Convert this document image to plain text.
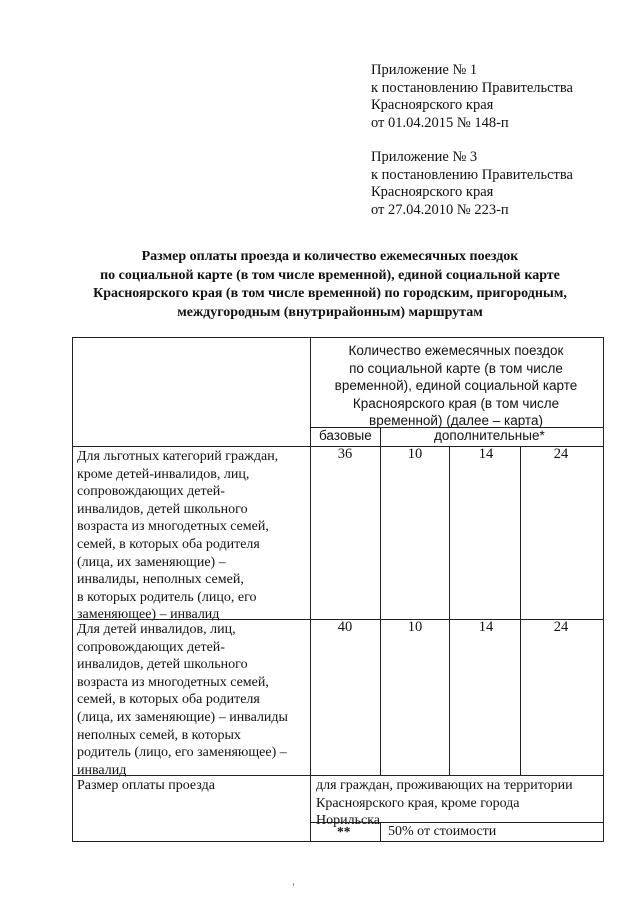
Приложение № 1
к постановлению Правительства
Красноярского края
от 01.04.2015 № 148-п
Приложение № 3
к постановлению Правительства
Красноярского края
от 27.04.2010 № 223-п
Размер оплаты проезда и количество ежемесячных поездок
по социальной карте (в том числе временной), единой социальной карте
Красноярского края (в том числе временной) по городским, пригородным,
междугородным (внутрирайонным) маршрутам
Количество ежемесячных поездок
по социальной карте (в том числе
временной), единой социальной карте
Красноярского края (в том числе
временной) (далее – карта)
базовые	дополнительные*
Для льготных категорий граждан,
кроме детей-инвалидов, лиц,
сопровождающих детей-
инвалидов, детей школьного
возраста из многодетных семей,
семей, в которых оба родителя
(лица, их заменяющие) –
инвалиды, неполных семей,
в которых родитель (лицо, его
заменяющее) – инвалид
36	10	14	24
Для детей инвалидов, лиц,
сопровождающих детей-
инвалидов, детей школьного
возраста из многодетных семей,
семей, в которых оба родителя
(лица, их заменяющие) – инвалиды
неполных семей, в которых
родитель (лицо, его заменяющее) –
инвалид
40	10	14	24
Размер оплаты проезда	для граждан, проживающих на территории
Красноярского края, кроме города
Норильска
**	50% от стоимости
